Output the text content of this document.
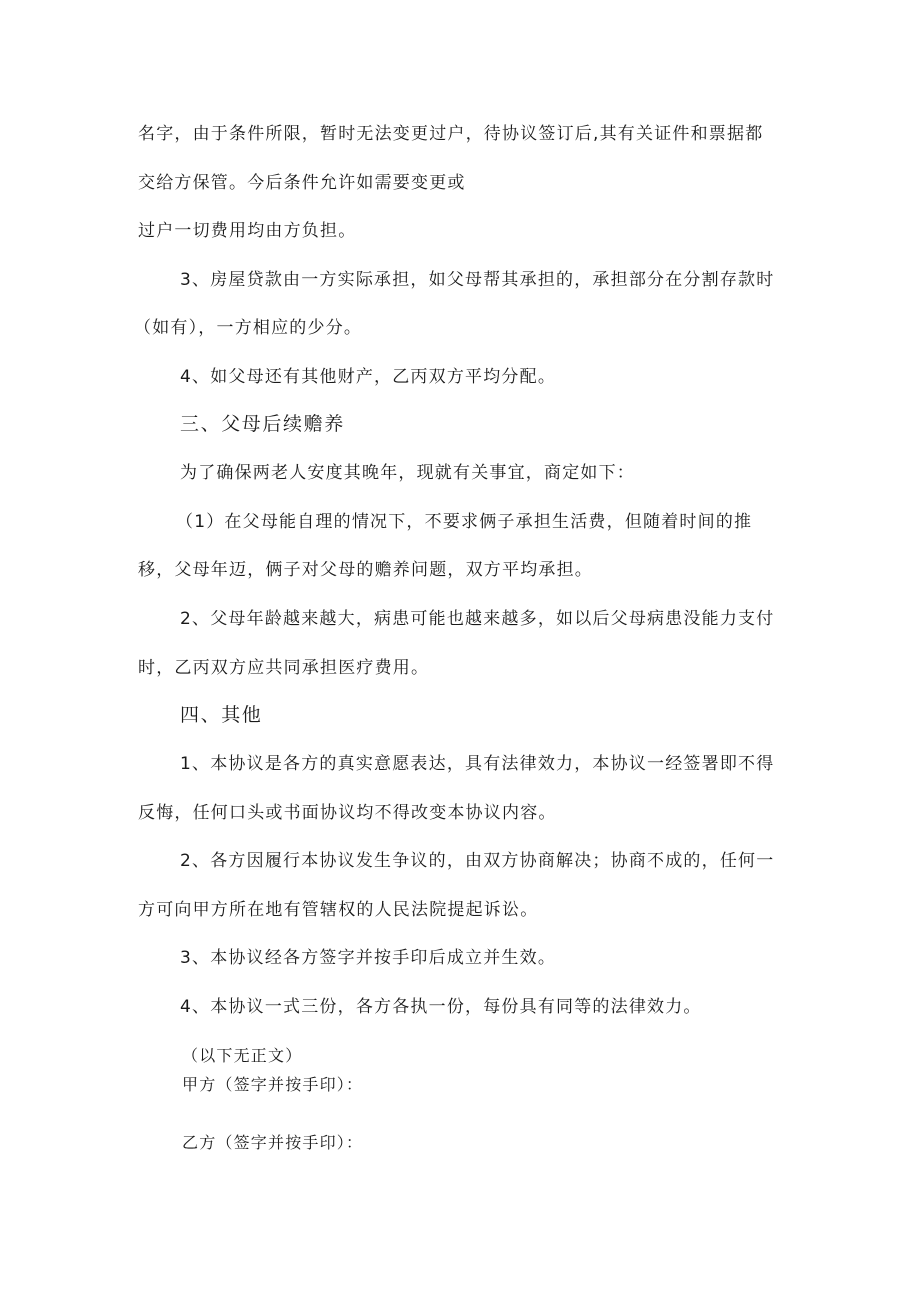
名字，由于条件所限，暂时无法变更过户，待协议签订后,其有关证件和票据都
交给方保管。今后条件允许如需要变更或
过户一切费用均由方负担。
3、房屋贷款由一方实际承担，如父母帮其承担的，承担部分在分割存款时
（如有），一方相应的少分。
4、如父母还有其他财产，乙丙双方平均分配。
三、父母后续赡养
为了确保两老人安度其晚年，现就有关事宜，商定如下：
（1）在父母能自理的情况下，不要求俩子承担生活费，但随着时间的推
移，父母年迈，俩子对父母的赡养问题，双方平均承担。
2、父母年龄越来越大，病患可能也越来越多，如以后父母病患没能力支付
时，乙丙双方应共同承担医疗费用。
四、其他
1、本协议是各方的真实意愿表达，具有法律效力，本协议一经签署即不得
反悔，任何口头或书面协议均不得改变本协议内容。
2、各方因履行本协议发生争议的，由双方协商解决；协商不成的，任何一
方可向甲方所在地有管辖权的人民法院提起诉讼。
3、本协议经各方签字并按手印后成立并生效。
4、本协议一式三份，各方各执一份，每份具有同等的法律效力。
（以下无正文）
甲方（签字并按手印）：
乙方（签字并按手印）：
